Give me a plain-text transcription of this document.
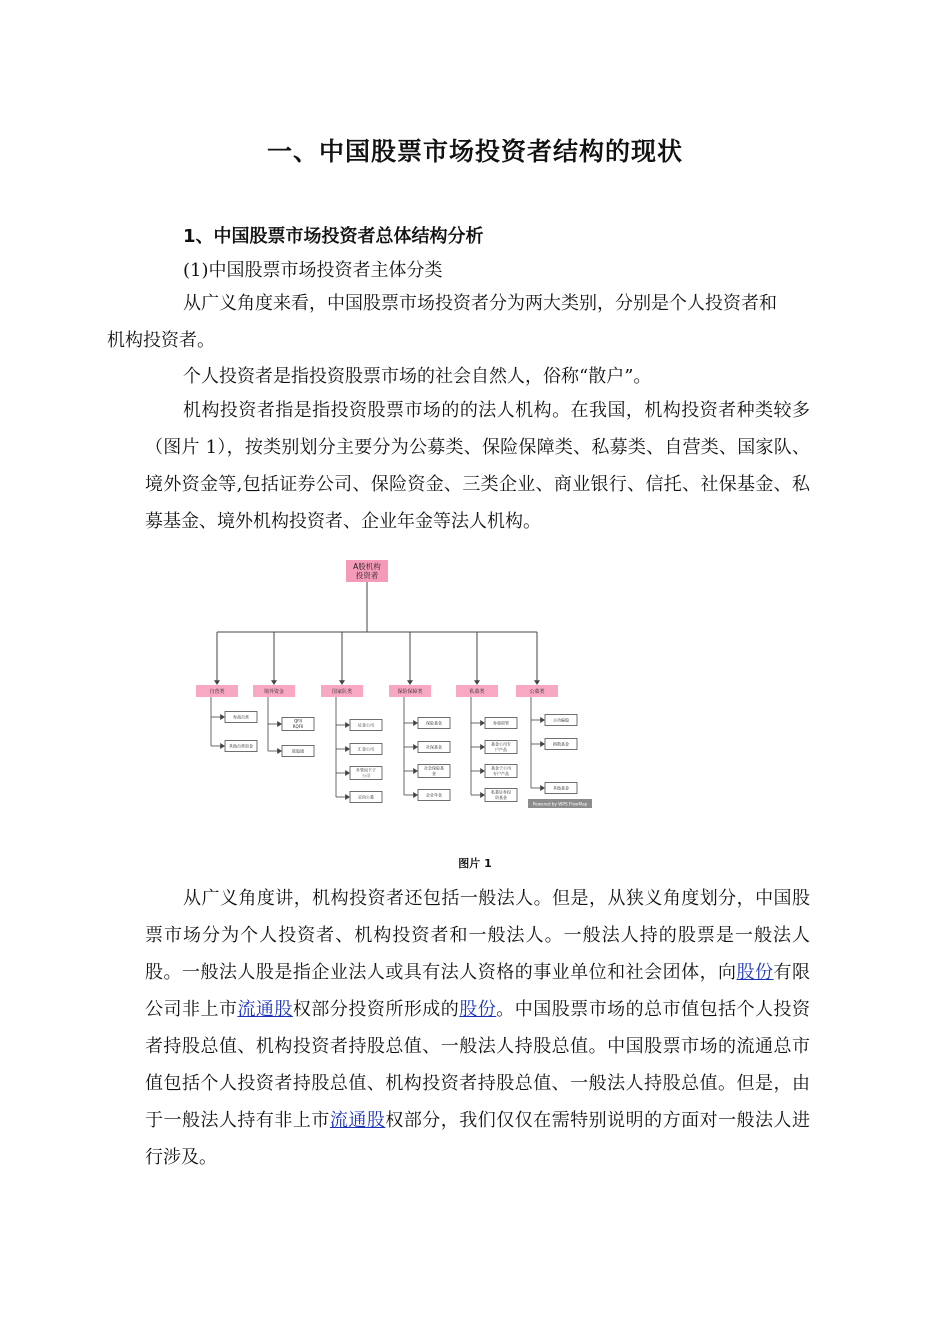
一、中国股票市场投资者结构的现状
1、中国股票市场投资者总体结构分析
(1)中国股票市场投资者主体分类

从广义角度来看，中国股票市场投资者分为两大类别，分别是个人投资者和
机构投资者。

个人投资者是指投资股票市场的社会自然人，俗称“散户”。

机构投资者指是指投资股票市场的的法人机构。在我国，机构投资者种类较多（图片 1），按类别划分主要分为公募类、保险保障类、私募类、自营类、国家队、境外资金等,包括证券公司、保险资金、三类企业、商业银行、信托、社保基金、私募基金、境外机构投资者、企业年金等法人机构。

A股机构投资者
自营类	境外资金	国家队类	保险保障类	私募类	公募类
券商自营
其他自营资金
QFII RQFII
陆股通
证金公司
汇金公司
外管局下子公司
定向公募
保险基金
社保基金
社会保险基金
企业年金
券商资管
基金公司专户产品
基金子公司专户产品
私募证券投资基金
主动偏股
指数基金
其他基金
Powered by WPS FlowMap
图片 1

从广义角度讲，机构投资者还包括一般法人。但是，从狭义角度划分，中国股票市场分为个人投资者、机构投资者和一般法人。一般法人持的股票是一般法人股。一般法人股是指企业法人或具有法人资格的事业单位和社会团体，向股份有限公司非上市流通股权部分投资所形成的股份。中国股票市场的总市值包括个人投资者持股总值、机构投资者持股总值、一般法人持股总值。中国股票市场的流通总市值包括个人投资者持股总值、机构投资者持股总值、一般法人持股总值。但是，由于一般法人持有非上市流通股权部分，我们仅仅在需特别说明的方面对一般法人进行涉及。
